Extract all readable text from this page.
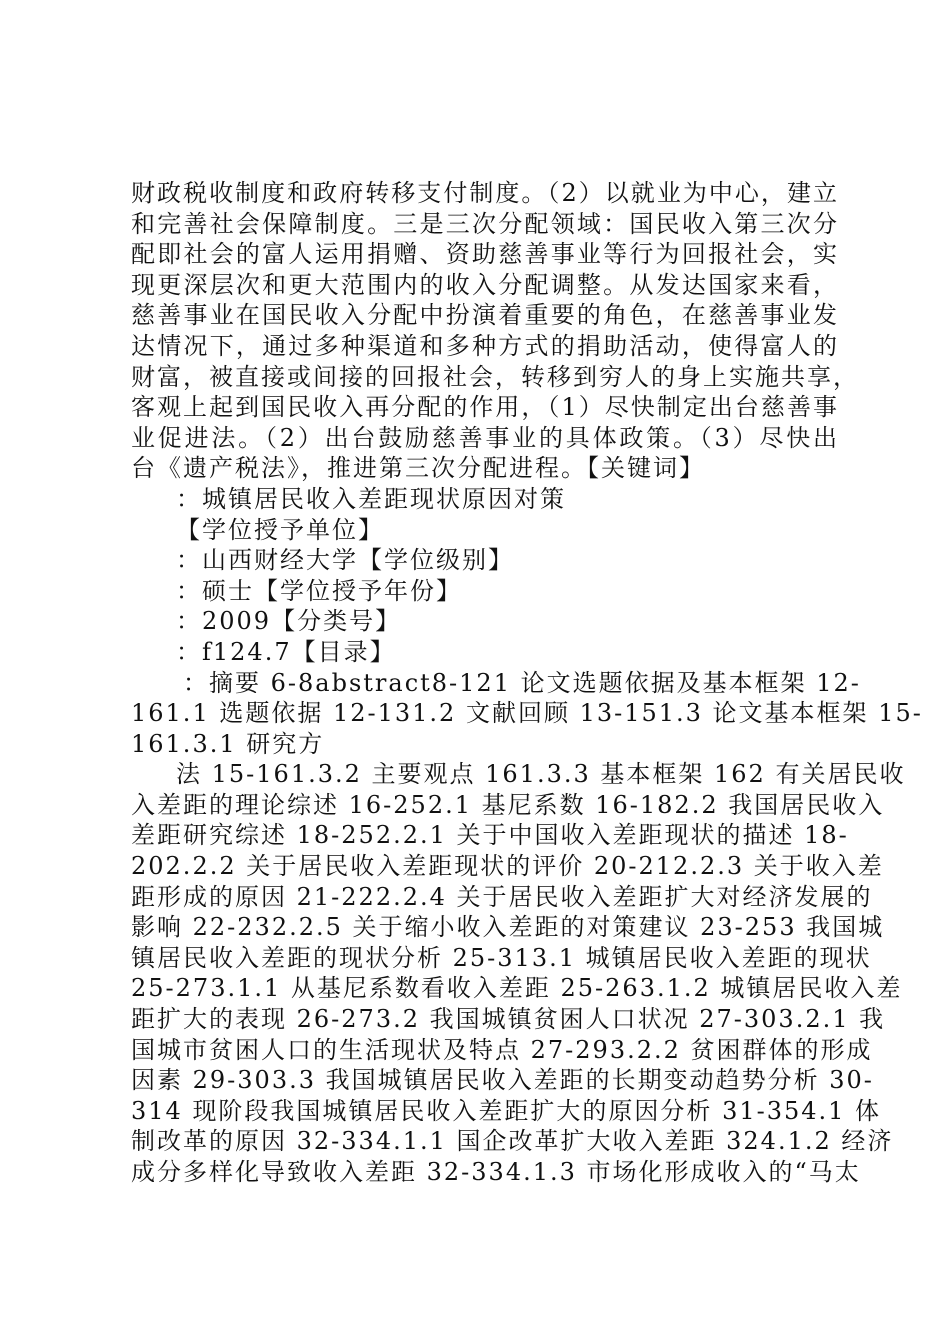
财政税收制度和政府转移支付制度。（2）以就业为中心，建立
和完善社会保障制度。三是三次分配领域：国民收入第三次分
配即社会的富人运用捐赠、资助慈善事业等行为回报社会，实
现更深层次和更大范围内的收入分配调整。从发达国家来看，
慈善事业在国民收入分配中扮演着重要的角色，在慈善事业发
达情况下，通过多种渠道和多种方式的捐助活动，使得富人的
财富，被直接或间接的回报社会，转移到穷人的身上实施共享，
客观上起到国民收入再分配的作用，（1）尽快制定出台慈善事
业促进法。（2）出台鼓励慈善事业的具体政策。（3）尽快出
台《遗产税法》，推进第三次分配进程。【关键词】
：城镇居民收入差距现状原因对策
【学位授予单位】
：山西财经大学【学位级别】
：硕士【学位授予年份】
：2009【分类号】
：f124.7【目录】
：摘要 6-8abstract8-121 论文选题依据及基本框架 12-
161.1 选题依据 12-131.2 文献回顾 13-151.3 论文基本框架 15-
161.3.1 研究方
法 15-161.3.2 主要观点 161.3.3 基本框架 162 有关居民收
入差距的理论综述 16-252.1 基尼系数 16-182.2 我国居民收入
差距研究综述 18-252.2.1 关于中国收入差距现状的描述 18-
202.2.2 关于居民收入差距现状的评价 20-212.2.3 关于收入差
距形成的原因 21-222.2.4 关于居民收入差距扩大对经济发展的
影响 22-232.2.5 关于缩小收入差距的对策建议 23-253 我国城
镇居民收入差距的现状分析 25-313.1 城镇居民收入差距的现状
25-273.1.1 从基尼系数看收入差距 25-263.1.2 城镇居民收入差
距扩大的表现 26-273.2 我国城镇贫困人口状况 27-303.2.1 我
国城市贫困人口的生活现状及特点 27-293.2.2 贫困群体的形成
因素 29-303.3 我国城镇居民收入差距的长期变动趋势分析 30-
314 现阶段我国城镇居民收入差距扩大的原因分析 31-354.1 体
制改革的原因 32-334.1.1 国企改革扩大收入差距 324.1.2 经济
成分多样化导致收入差距 32-334.1.3 市场化形成收入的“马太
